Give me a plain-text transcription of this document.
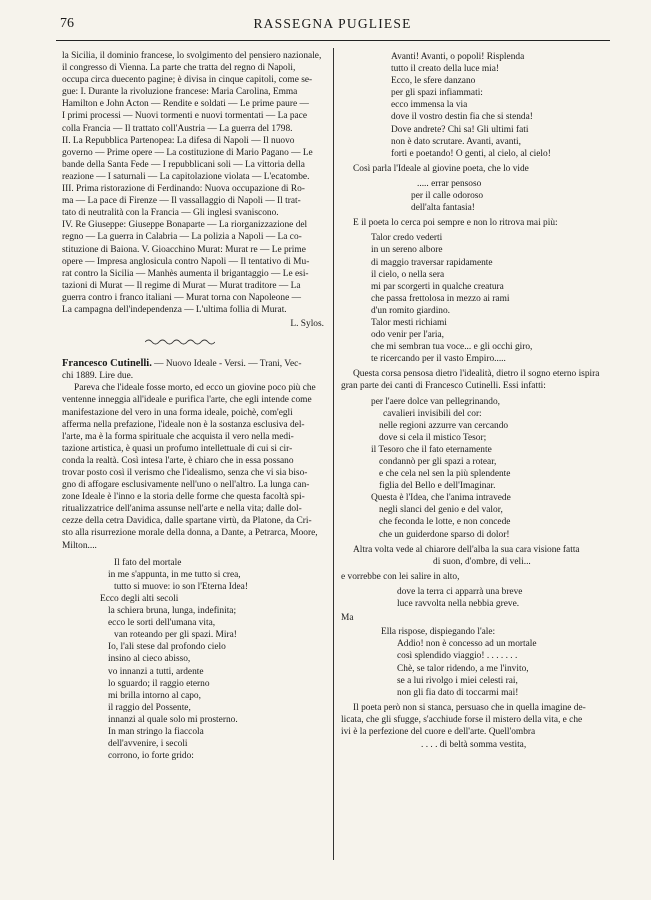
76	RASSEGNA PUGLIESE
la Sicilia, il dominio francese, lo svolgimento del pensiero nazionale,
il congresso di Vienna. La parte che tratta del regno di Napoli,
occupa circa duecento pagine; è divisa in cinque capitoli, come se-
gue: I. Durante la rivoluzione francese: Maria Carolina, Emma
Hamilton e John Acton — Rendite e soldati — Le prime paure —
I primi processi — Nuovi tormenti e nuovi tormentati — La pace
colla Francia — Il trattato coll'Austria — La guerra del 1798.
II. La Repubblica Partenopea: La difesa di Napoli — Il nuovo
governo — Prime opere — La costituzione di Mario Pagano — Le
bande della Santa Fede — I repubblicani soli — La vittoria della
reazione — I saturnali — La capitolazione violata — L'ecatombe.
III. Prima ristorazione di Ferdinando: Nuova occupazione di Ro-
ma — La pace di Firenze — Il vassallaggio di Napoli — Il trat-
tato di neutralità con la Francia — Gli inglesi svaniscono.
IV. Re Giuseppe: Giuseppe Bonaparte — La riorganizzazione del
regno — La guerra in Calabria — La polizia a Napoli — La co-
stituzione di Baiona. V. Gioacchino Murat: Murat re — Le prime
opere — Impresa anglosicula contro Napoli — Il tentativo di Mu-
rat contro la Sicilia — Manhès aumenta il brigantaggio — Le esi-
tazioni di Murat — Il regime di Murat — Murat traditore — La
guerra contro i franco italiani — Murat torna con Napoleone —
La campagna dell'independenza — L'ultima follia di Murat.
L. Sylos.
Francesco Cutinelli. — Nuovo Ideale - Versi. — Trani, Vec-
chi 1889. Lire due.
Pareva che l'ideale fosse morto, ed ecco un giovine poco più che
ventenne inneggia all'ideale e purifica l'arte, che egli intende come
manifestazione del vero in una forma ideale, poichè, com'egli
afferma nella prefazione, l'ideale non è la sostanza esclusiva del-
l'arte, ma è la forma spirituale che acquista il vero nella medi-
tazione artistica, è quasi un profumo intellettuale di cui si cir-
conda la realtà. Così intesa l'arte, è chiaro che in essa possano
trovar posto così il verismo che l'idealismo, senza che vi sia biso-
gno di affogare esclusivamente nell'uno o nell'altro. La lunga can-
zone Ideale è l'inno e la storia delle forme che questa facoltà spi-
ritualizzatrice dell'anima assunse nell'arte e nella vita; dalle dol-
cezze della cetra Davidica, dalle spartane virtù, da Platone, da Cri-
sto alla risurrezione morale della donna, a Dante, a Petrarca, Moore,
Milton....
Il fato del mortale
in me s'appunta, in me tutto si crea,
tutto si muove: io son l'Eterna Idea!
Ecco degli alti secoli
la schiera bruna, lunga, indefinita;
ecco le sorti dell'umana vita,
van roteando per gli spazi. Mira!
Io, l'ali stese dal profondo cielo
insino al cieco abisso,
vo innanzi a tutti, ardente
lo sguardo; il raggio eterno
mi brilla intorno al capo,
il raggio del Possente,
innanzi al quale solo mi prosterno.
In man stringo la fiaccola
dell'avvenire, i secoli
corrono, io forte grido:
Avanti! Avanti, o popoli! Risplenda
tutto il creato della luce mia!
Ecco, le sfere danzano
per gli spazi infiammati:
ecco immensa la via
dove il vostro destin fia che si stenda!
Dove andrete? Chi sa! Gli ultimi fati
non è dato scrutare. Avanti, avanti,
forti e poetando! O genti, al cielo, al cielo!
Così parla l'Ideale al giovine poeta, che lo vide
..... errar pensoso
per il calle odoroso
dell'alta fantasia!
E il poeta lo cerca poi sempre e non lo ritrova mai più:
Talor credo vederti
in un sereno albore
di maggio traversar rapidamente
il cielo, o nella sera
mi par scorgerti in qualche creatura
che passa frettolosa in mezzo ai rami
d'un romito giardino.
Talor mesti richiami
odo venir per l'aria,
che mi sembran tua voce... e gli occhi giro,
te ricercando per il vasto Empiro.....
Questa corsa pensosa dietro l'idealità, dietro il sogno eterno ispira
gran parte dei canti di Francesco Cutinelli. Essi infatti:
per l'aere dolce van pellegrinando,
cavalieri invisibili del cor:
nelle regioni azzurre van cercando
dove si cela il mistico Tesor;
il Tesoro che il fato eternamente
condannò per gli spazi a rotear,
e che cela nel sen la più splendente
figlia del Bello e dell'Imaginar.
Questa è l'Idea, che l'anima intravede
negli slanci del genio e del valor,
che feconda le lotte, e non concede
che un guiderdone sparso di dolor!
Altra volta vede al chiarore dell'alba la sua cara visione fatta
di suon, d'ombre, di veli...
e vorrebbe con lei salire in alto,
dove la terra ci apparrà una breve
luce ravvolta nella nebbia greve.
Ma
Ella rispose, dispiegando l'ale:
Addio! non è concesso ad un mortale
così splendido viaggio! . . . . . . .
Chè, se talor ridendo, a me l'invito,
se a lui rivolgo i miei celesti rai,
non gli fia dato di toccarmi mai!
Il poeta però non si stanca, persuaso che in quella imagine de-
licata, che gli sfugge, s'acchiude forse il mistero della vita, e che
ivi è la perfezione del cuore e dell'arte. Quell'ombra
. . . . di beltà somma vestita,
